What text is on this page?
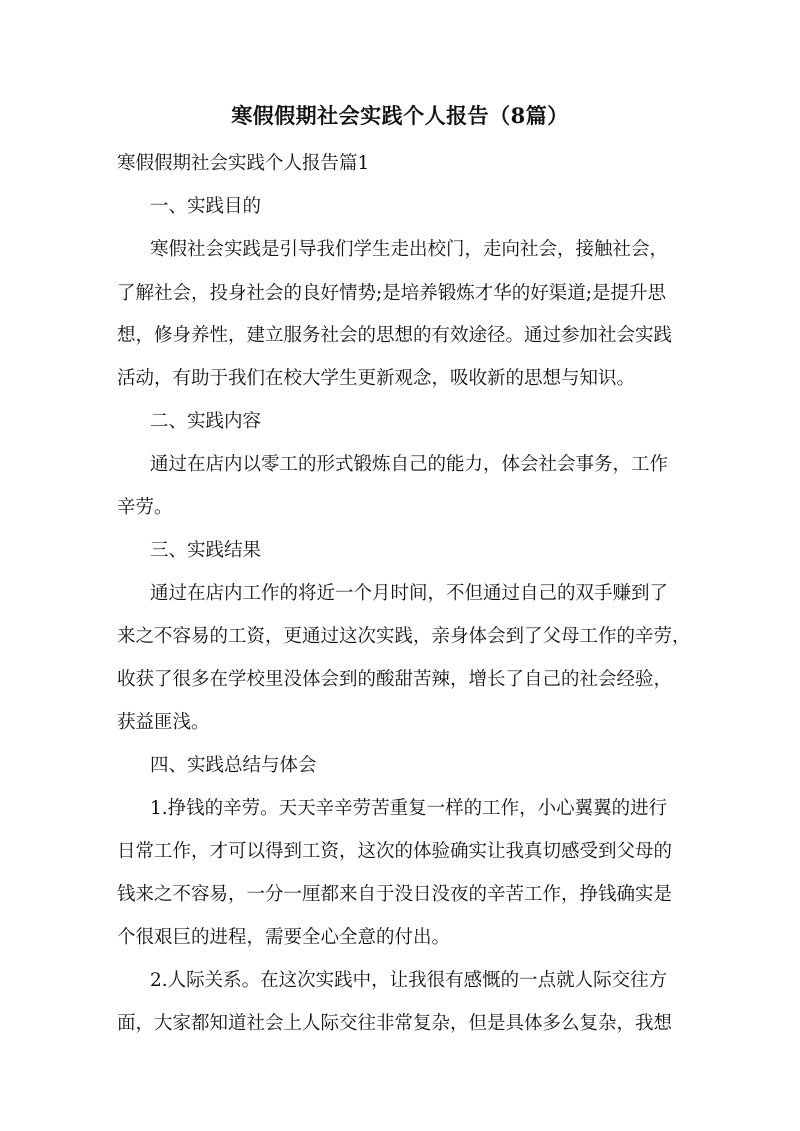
寒假假期社会实践个人报告（8篇）
寒假假期社会实践个人报告篇1
一、实践目的
寒假社会实践是引导我们学生走出校门，走向社会，接触社会，
了解社会，投身社会的良好情势;是培养锻炼才华的好渠道;是提升思
想，修身养性，建立服务社会的思想的有效途径。通过参加社会实践
活动，有助于我们在校大学生更新观念，吸收新的思想与知识。
二、实践内容
通过在店内以零工的形式锻炼自己的能力，体会社会事务，工作
辛劳。
三、实践结果
通过在店内工作的将近一个月时间，不但通过自己的双手赚到了
来之不容易的工资，更通过这次实践，亲身体会到了父母工作的辛劳，
收获了很多在学校里没体会到的酸甜苦辣，增长了自己的社会经验，
获益匪浅。
四、实践总结与体会
1.挣钱的辛劳。天天辛辛劳苦重复一样的工作，小心翼翼的进行
日常工作，才可以得到工资，这次的体验确实让我真切感受到父母的
钱来之不容易，一分一厘都来自于没日没夜的辛苦工作，挣钱确实是
个很艰巨的进程，需要全心全意的付出。
2.人际关系。在这次实践中，让我很有感慨的一点就人际交往方
面，大家都知道社会上人际交往非常复杂，但是具体多么复杂，我想
